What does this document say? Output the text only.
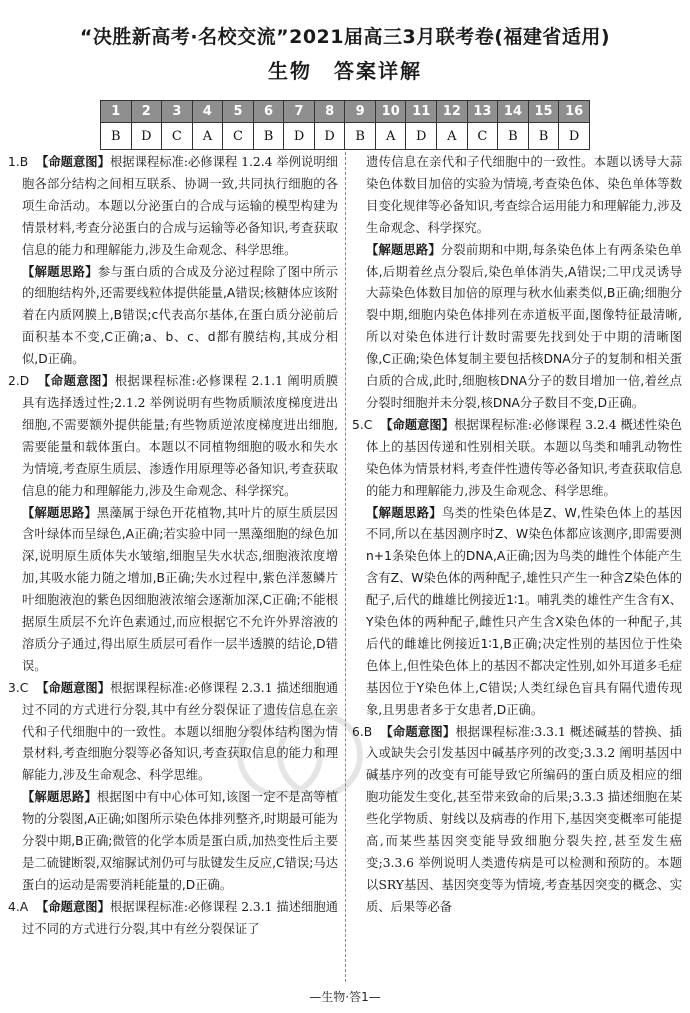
“决胜新高考·名校交流”2021届高三3月联考卷(福建省适用)
生物 答案详解
1	2	3	4	5	6	7	8	9	10	11	12	13	14	15	16
B	D	C	A	C	B	D	D	B	A	D	A	C	B	B	D
1.B 【命题意图】根据课程标准:必修课程 1.2.4 举例说明细胞各部分结构之间相互联系、协调一致,共同执行细胞的各项生命活动。本题以分泌蛋白的合成与运输的模型构建为情景材料,考查分泌蛋白的合成与运输等必备知识,考查获取信息的能力和理解能力,涉及生命观念、科学思维。
【解题思路】参与蛋白质的合成及分泌过程除了图中所示的细胞结构外,还需要线粒体提供能量,A错误;核糖体应该附着在内质网膜上,B错误;c代表高尔基体,在蛋白质分泌前后面积基本不变,C正确;a、b、c、d都有膜结构,其成分相似,D正确。
2.D 【命题意图】根据课程标准:必修课程 2.1.1 阐明质膜具有选择透过性;2.1.2 举例说明有些物质顺浓度梯度进出细胞,不需要额外提供能量;有些物质逆浓度梯度进出细胞,需要能量和载体蛋白。本题以不同植物细胞的吸水和失水为情境,考查原生质层、渗透作用原理等必备知识,考查获取信息的能力和理解能力,涉及生命观念、科学探究。
【解题思路】黑藻属于绿色开花植物,其叶片的原生质层因含叶绿体而呈绿色,A正确;若实验中同一黑藻细胞的绿色加深,说明原生质体失水皱缩,细胞呈失水状态,细胞液浓度增加,其吸水能力随之增加,B正确;失水过程中,紫色洋葱鳞片叶细胞液泡的紫色因细胞液浓缩会逐渐加深,C正确;不能根据原生质层不允许色素通过,而应根据它不允许外界溶液的溶质分子通过,得出原生质层可看作一层半透膜的结论,D错误。
3.C 【命题意图】根据课程标准:必修课程 2.3.1 描述细胞通过不同的方式进行分裂,其中有丝分裂保证了遗传信息在亲代和子代细胞中的一致性。本题以细胞分裂体结构图为情景材料,考查细胞分裂等必备知识,考查获取信息的能力和理解能力,涉及生命观念、科学思维。
【解题思路】根据图中有中心体可知,该图一定不是高等植物的分裂图,A正确;如图所示染色体排列整齐,时期最可能为分裂中期,B正确;微管的化学本质是蛋白质,加热变性后主要是二硫键断裂,双缩脲试剂仍可与肽键发生反应,C错误;马达蛋白的运动是需要消耗能量的,D正确。
4.A 【命题意图】根据课程标准:必修课程 2.3.1 描述细胞通过不同的方式进行分裂,其中有丝分裂保证了
遗传信息在亲代和子代细胞中的一致性。本题以诱导大蒜染色体数目加倍的实验为情境,考查染色体、染色单体等数目变化规律等必备知识,考查综合运用能力和理解能力,涉及生命观念、科学探究。
【解题思路】分裂前期和中期,每条染色体上有两条染色单体,后期着丝点分裂后,染色单体消失,A错误;二甲戊灵诱导大蒜染色体数目加倍的原理与秋水仙素类似,B正确;细胞分裂中期,细胞内染色体排列在赤道板平面,图像特征最清晰,所以对染色体进行计数时需要先找到处于中期的清晰图像,C正确;染色体复制主要包括核DNA分子的复制和相关蛋白质的合成,此时,细胞核DNA分子的数目增加一倍,着丝点分裂时细胞并未分裂,核DNA分子数目不变,D正确。
5.C 【命题意图】根据课程标准:必修课程 3.2.4 概述性染色体上的基因传递和性别相关联。本题以鸟类和哺乳动物性染色体为情景材料,考查伴性遗传等必备知识,考查获取信息的能力和理解能力,涉及生命观念、科学思维。
【解题思路】鸟类的性染色体是Z、W,性染色体上的基因不同,所以在基因测序时Z、W染色体都应该测序,即需要测n+1条染色体上的DNA,A正确;因为鸟类的雌性个体能产生含有Z、W染色体的两种配子,雄性只产生一种含Z染色体的配子,后代的雌雄比例接近1∶1。哺乳类的雄性产生含有X、Y染色体的两种配子,雌性只产生含X染色体的一种配子,其后代的雌雄比例接近1∶1,B正确;决定性别的基因位于性染色体上,但性染色体上的基因不都决定性别,如外耳道多毛症基因位于Y染色体上,C错误;人类红绿色盲具有隔代遗传现象,且男患者多于女患者,D正确。
6.B 【命题意图】根据课程标准:3.3.1 概述碱基的替换、插入或缺失会引发基因中碱基序列的改变;3.3.2 阐明基因中碱基序列的改变有可能导致它所编码的蛋白质及相应的细胞功能发生变化,甚至带来致命的后果;3.3.3 描述细胞在某些化学物质、射线以及病毒的作用下,基因突变概率可能提高,而某些基因突变能导致细胞分裂失控,甚至发生癌变;3.3.6 举例说明人类遗传病是可以检测和预防的。本题以SRY基因、基因突变等为情境,考查基因突变的概念、实质、后果等必备
—生物·答1—
